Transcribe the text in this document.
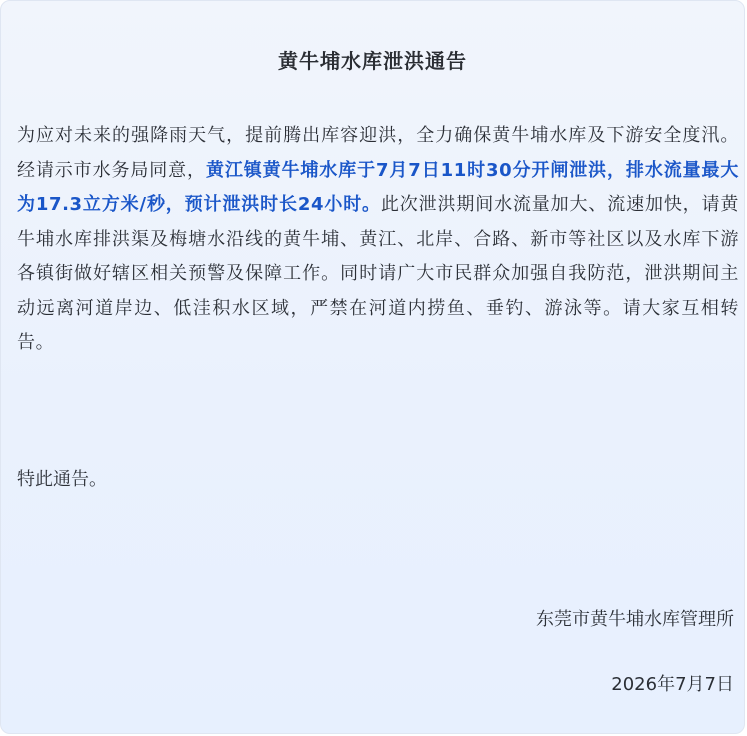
黄牛埔水库泄洪通告

为应对未来的强降雨天气，提前腾出库容迎洪，全力确保黄牛埔水库及下游安全度汛。经请示市水务局同意，黄江镇黄牛埔水库于7月7日11时30分开闸泄洪，排水流量最大为17.3立方米/秒，预计泄洪时长24小时。此次泄洪期间水流量加大、流速加快，请黄牛埔水库排洪渠及梅塘水沿线的黄牛埔、黄江、北岸、合路、新市等社区以及水库下游各镇街做好辖区相关预警及保障工作。同时请广大市民群众加强自我防范，泄洪期间主动远离河道岸边、低洼积水区域，严禁在河道内捞鱼、垂钓、游泳等。请大家互相转告。

特此通告。

东莞市黄牛埔水库管理所

2026年7月7日
